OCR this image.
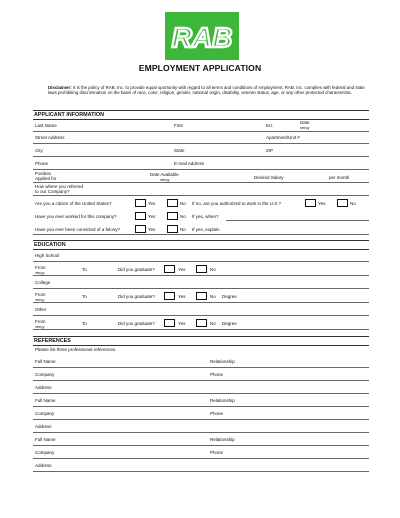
RAB
EMPLOYMENT APPLICATION
Disclaimer: It is the policy of RAB, Inc. to provide equal oportunity with regard to all terms and conditions of employment. RAB, Inc. complies with federal and state laws prohibiting discrimination on the basis of race, color, religion, gender, national origin, disability, veteran status, age, or any other protected characteristic.
APPLICANT INFORMATION
Last Name	First	M.I.
Date
mm/yy
Street Address	Apartment/Unit #
City	State	ZIP
Phone	E-mail Address
Position
Applied for
Date Available
mm/yy	Desired Salary	per month
How where you referred
to our Company?
Are you a citizen of the United States?	Yes	No If no, are you authorized to work in the U.S.?	Yes	No
Have you ever worked for this company?	Yes	No If yes, when?
Have you ever been convicted of a felony?	Yes	No If yes, explain
EDUCATION
High School
From
mm/yy
To	Did you graduate?	Yes	No
College
From
mm/yy
To	Did you graduate?	Yes	No Degree
Other
From
mm/yy
To	Did you graduate?	Yes	No Degree
REFERENCES
Please list three professional references.
Full Name	Relationship
Company	Phone
Address
Full Name	Relationship
Company	Phone
Address
Full Name	Relationship
Company	Phone
Address
